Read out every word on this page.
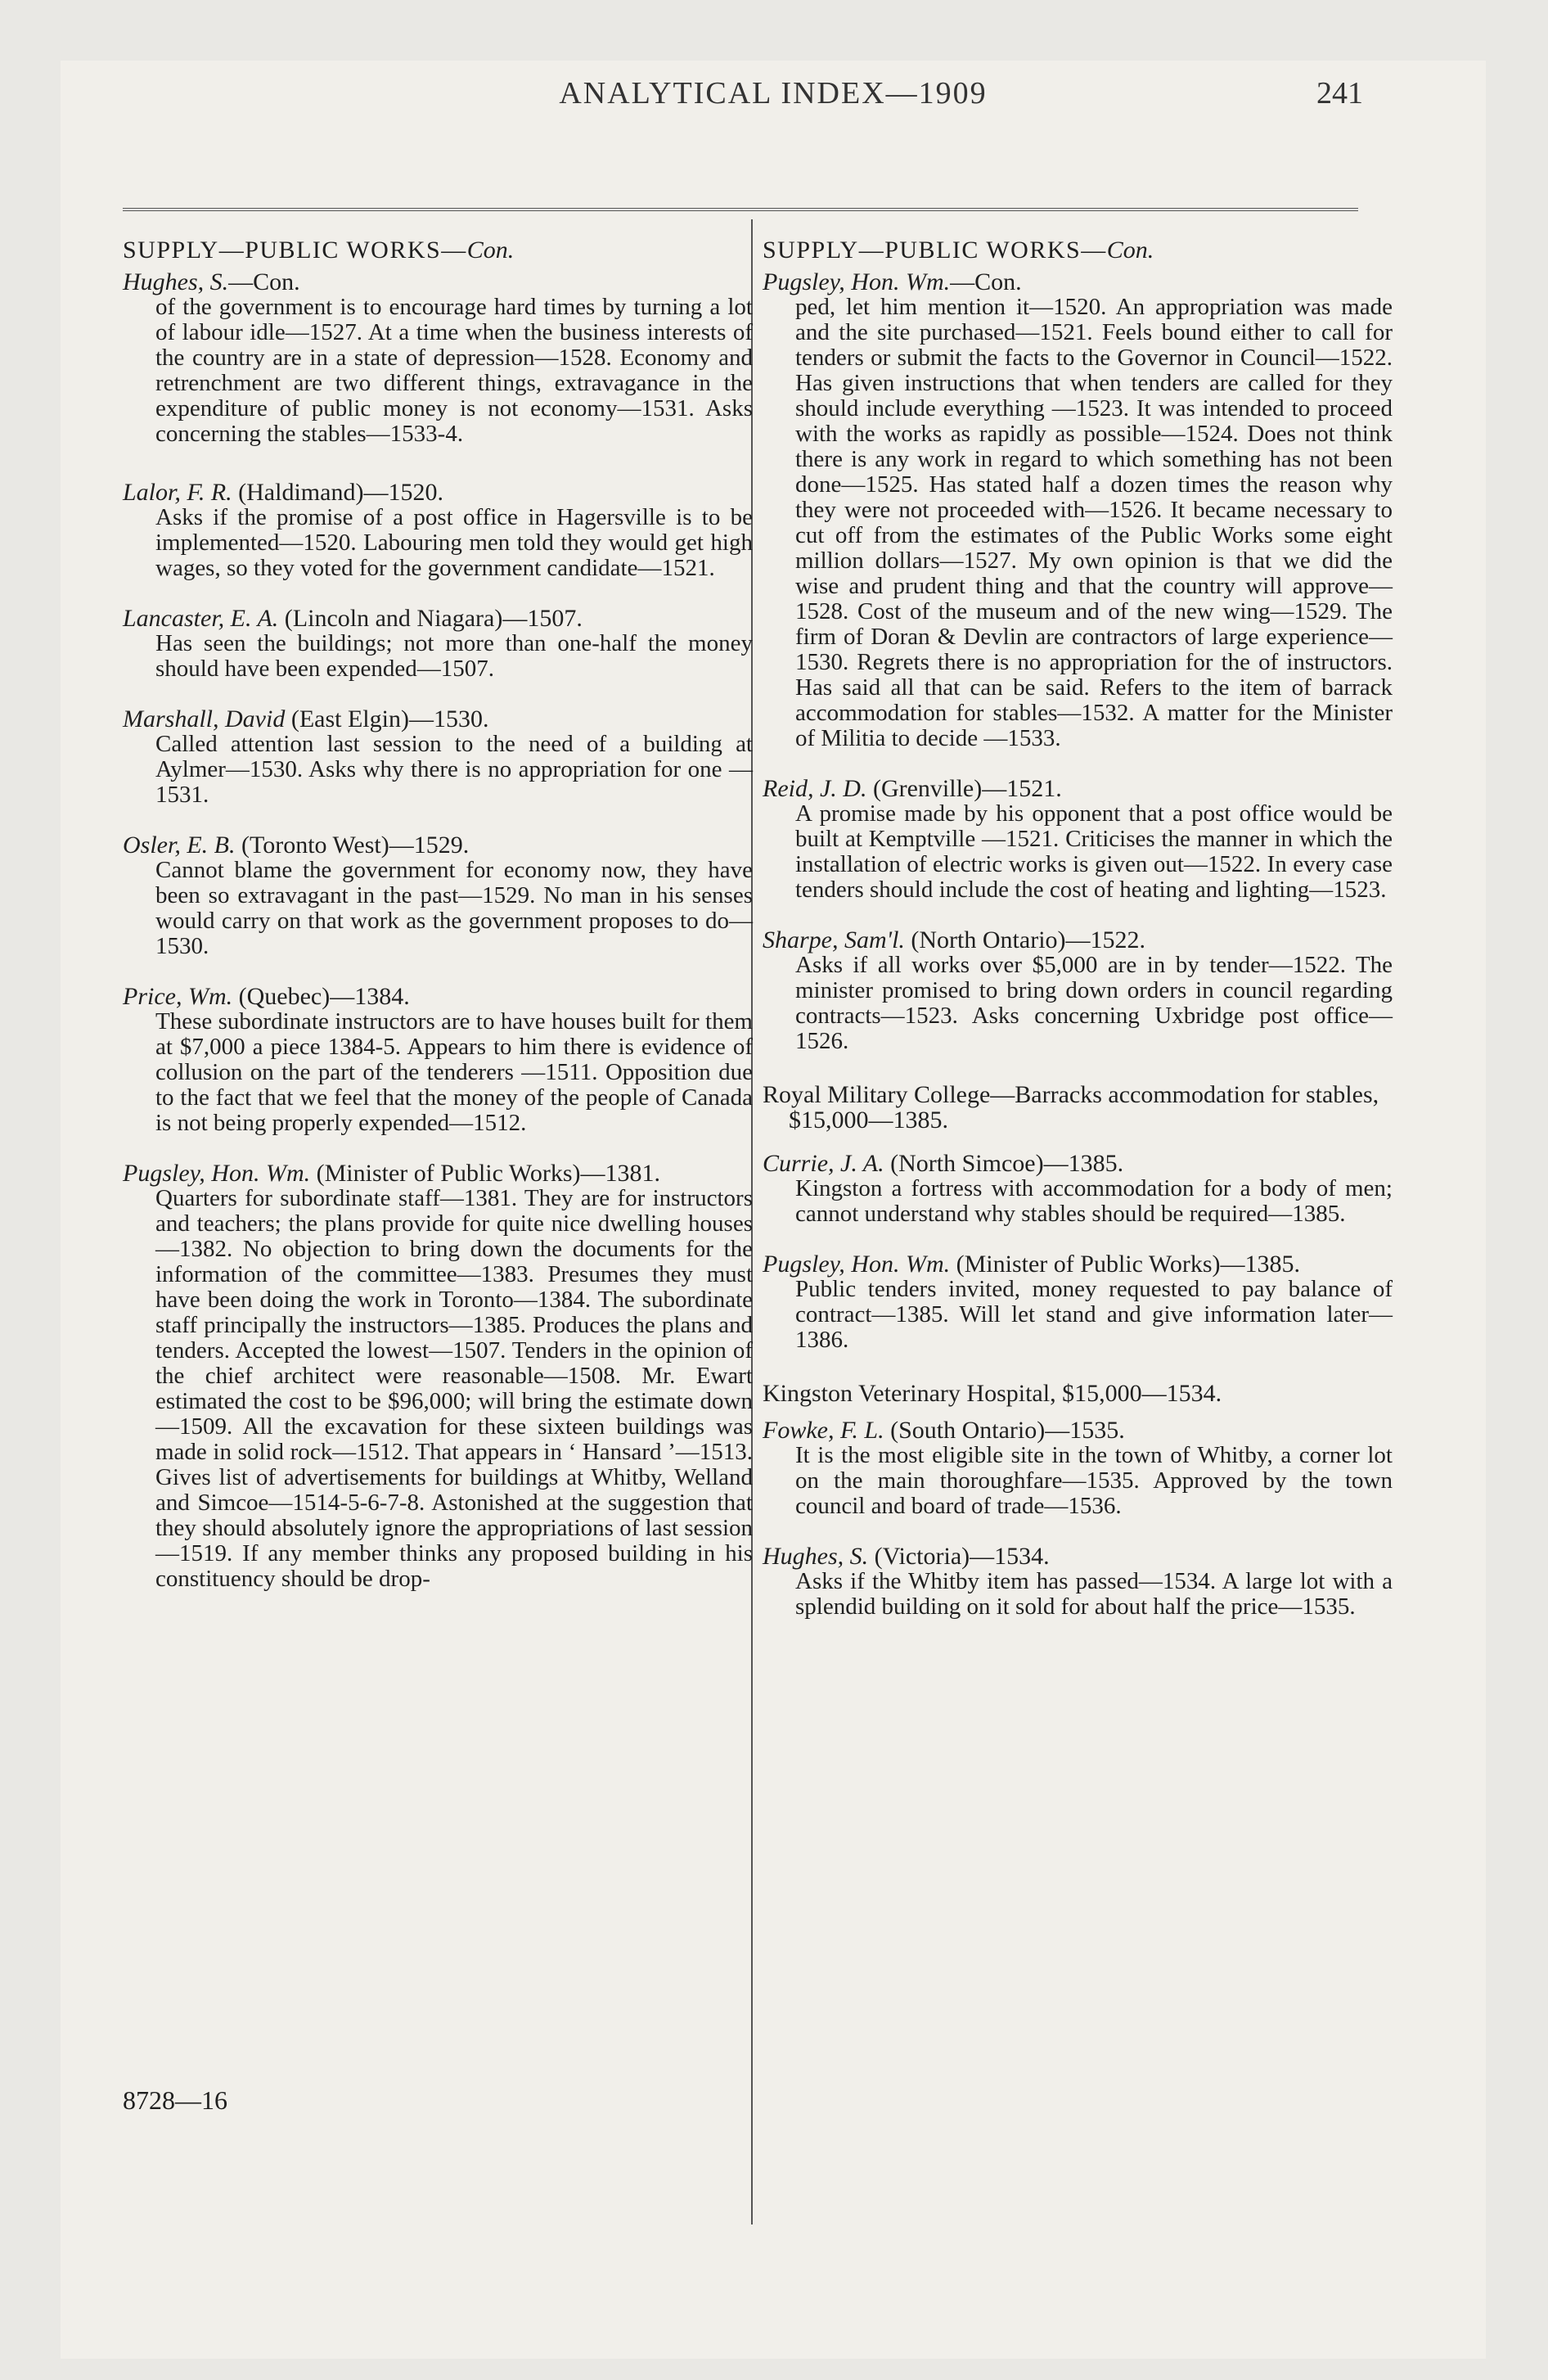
ANALYTICAL INDEX—1909	241
SUPPLY—PUBLIC WORKS—Con.
Hughes, S.—Con.
of the government is to encourage hard times by turning a lot of labour idle—1527. At a time when the business interests of the country are in a state of depression—1528. Economy and retrenchment are two different things, extravagance in the expenditure of public money is not economy—1531. Asks concerning the stables—1533-4.
Lalor, F. R. (Haldimand)—1520.
Asks if the promise of a post office in Hagersville is to be implemented—1520. Labouring men told they would get high wages, so they voted for the government candidate—1521.
Lancaster, E. A. (Lincoln and Niagara)—1507.
Has seen the buildings; not more than one-half the money should have been expended—1507.
Marshall, David (East Elgin)—1530.
Called attention last session to the need of a building at Aylmer—1530. Asks why there is no appropriation for one —1531.
Osler, E. B. (Toronto West)—1529.
Cannot blame the government for economy now, they have been so extravagant in the past—1529. No man in his senses would carry on that work as the government proposes to do—1530.
Price, Wm. (Quebec)—1384.
These subordinate instructors are to have houses built for them at $7,000 a piece 1384-5. Appears to him there is evidence of collusion on the part of the tenderers —1511. Opposition due to the fact that we feel that the money of the people of Canada is not being properly expended—1512.
Pugsley, Hon. Wm. (Minister of Public Works)—1381.
Quarters for subordinate staff—1381. They are for instructors and teachers; the plans provide for quite nice dwelling houses—1382. No objection to bring down the documents for the information of the committee—1383. Presumes they must have been doing the work in Toronto—1384. The subordinate staff principally the instructors—1385. Produces the plans and tenders. Accepted the lowest—1507. Tenders in the opinion of the chief architect were reasonable—1508. Mr. Ewart estimated the cost to be $96,000; will bring the estimate down —1509. All the excavation for these sixteen buildings was made in solid rock—1512. That appears in ‘ Hansard ’—1513. Gives list of advertisements for buildings at Whitby, Welland and Simcoe—1514-5-6-7-8. Astonished at the suggestion that they should absolutely ignore the appropriations of last session—1519. If any member thinks any proposed building in his constituency should be drop-
8728—16
SUPPLY—PUBLIC WORKS—Con.
Pugsley, Hon. Wm.—Con.
ped, let him mention it—1520. An appropriation was made and the site purchased—1521. Feels bound either to call for tenders or submit the facts to the Governor in Council—1522. Has given instructions that when tenders are called for they should include everything —1523. It was intended to proceed with the works as rapidly as possible—1524. Does not think there is any work in regard to which something has not been done—1525. Has stated half a dozen times the reason why they were not proceeded with—1526. It became necessary to cut off from the estimates of the Public Works some eight million dollars—1527. My own opinion is that we did the wise and prudent thing and that the country will approve—1528. Cost of the museum and of the new wing—1529. The firm of Doran & Devlin are contractors of large experience—1530. Regrets there is no appropriation for the of instructors. Has said all that can be said. Refers to the item of barrack accommodation for stables—1532. A matter for the Minister of Militia to decide —1533.
Reid, J. D. (Grenville)—1521.
A promise made by his opponent that a post office would be built at Kemptville —1521. Criticises the manner in which the installation of electric works is given out—1522. In every case tenders should include the cost of heating and lighting—1523.
Sharpe, Sam'l. (North Ontario)—1522.
Asks if all works over $5,000 are in by tender—1522. The minister promised to bring down orders in council regarding contracts—1523. Asks concerning Uxbridge post office—1526.
Royal Military College—Barracks accommodation for stables, $15,000—1385.
Currie, J. A. (North Simcoe)—1385.
Kingston a fortress with accommodation for a body of men; cannot understand why stables should be required—1385.
Pugsley, Hon. Wm. (Minister of Public Works)—1385.
Public tenders invited, money requested to pay balance of contract—1385. Will let stand and give information later—1386.
Kingston Veterinary Hospital, $15,000—1534.
Fowke, F. L. (South Ontario)—1535.
It is the most eligible site in the town of Whitby, a corner lot on the main thoroughfare—1535. Approved by the town council and board of trade—1536.
Hughes, S. (Victoria)—1534.
Asks if the Whitby item has passed—1534. A large lot with a splendid building on it sold for about half the price—1535.
